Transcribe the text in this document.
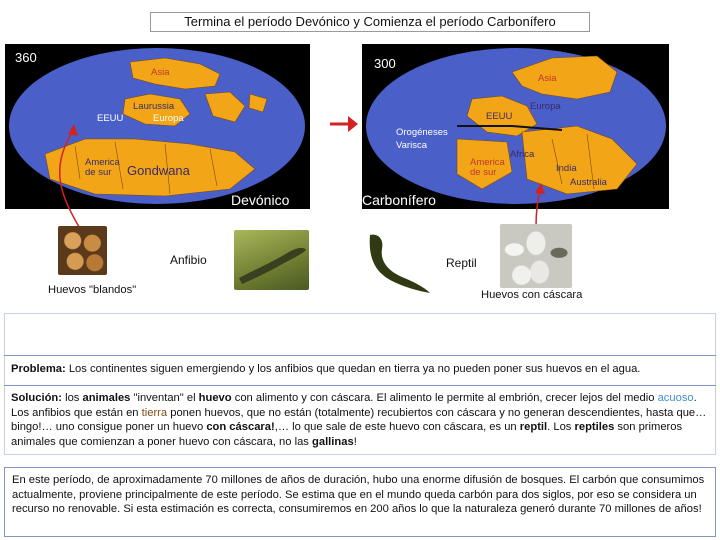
Termina el período Devónico y Comienza el período Carbonífero
360
Asia
Laurussia
EEUU	Europa
America de sur	Gondwana
Devónico
300
Asia
Europa
EEUU
Orogéneses
Varisca
Africa
America de sur	India
Australia
Carbonífero
Anfibio	Reptil
Huevos "blandos"	Huevos con cáscara
Problema: Los continentes siguen emergiendo y los anfibios que quedan en tierra ya no pueden poner sus huevos en el agua.
Solución: los animales "inventan" el huevo con alimento y con cáscara. El alimento le permite al embrión, crecer lejos del medio acuoso. Los anfibios que están en tierra ponen huevos, que no están (totalmente) recubiertos con cáscara y no generan descendientes, hasta que… bingo!… uno consigue poner un huevo con cáscara!,… lo que sale de este huevo con cáscara, es un reptil. Los reptiles son primeros animales que comienzan a poner huevo con cáscara, no las gallinas!
En este período, de aproximadamente 70 millones de años de duración, hubo una enorme difusión de bosques. El carbón que consumimos actualmente, proviene principalmente de este período. Se estima que en el mundo queda carbón para dos siglos, por eso se considera un recurso no renovable. Si esta estimación es correcta, consumiremos en 200 años lo que la naturaleza generó durante 70 millones de años!
